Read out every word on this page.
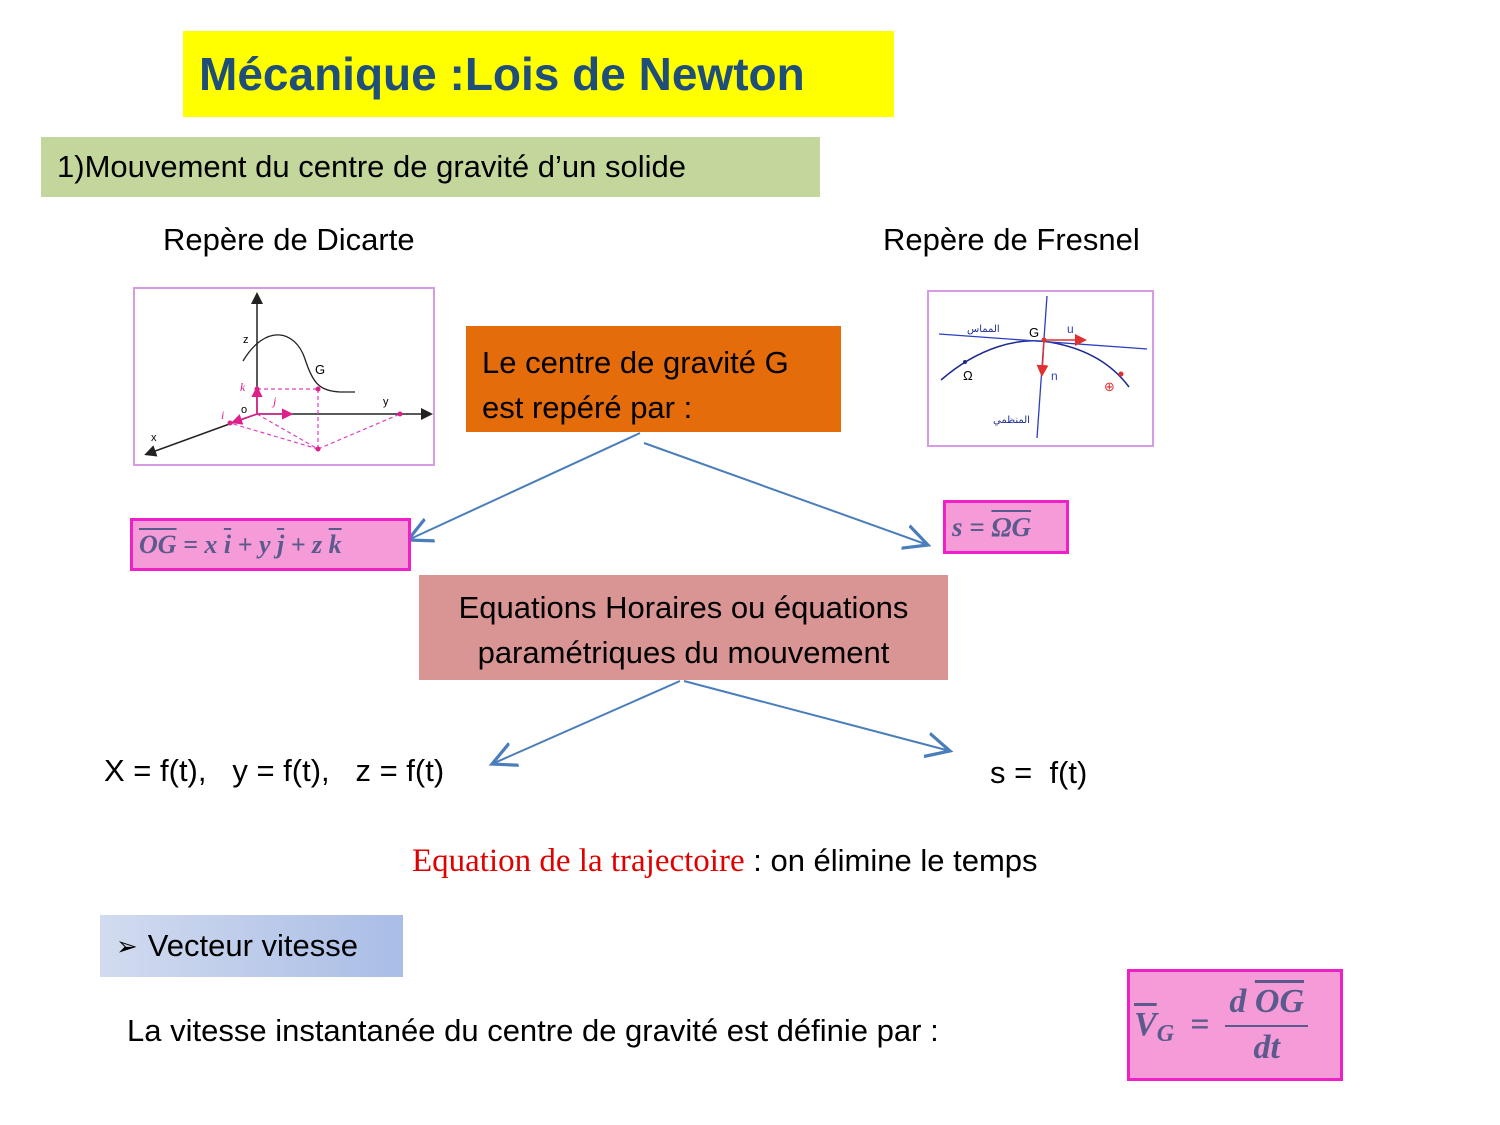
Mécanique :Lois de Newton
1)Mouvement du centre de gravité d’un solide
Repère de Dicarte	Repère de Fresnel
z
y
x
o
G
j
k
i
G
Ω
u
n
⊕
المماس
المنظمي
Le centre de gravité G
est repéré par :
$\overline{OG} = x$ $\overline{i} + y$ $\overline{j} + z$ $\overline{k}$
$s = \overline{\Omega G}$
Equations Horaires ou équations
paramétriques du mouvement
X = f(t),   y = f(t),   z = f(t)	s =  f(t)
Equation de la trajectoire : on élimine le temps
➢ Vecteur vitesse
La vitesse instantanée du centre de gravité est définie par :	$\overline{V}$ $G = \frac{d \overline{OG}}{dt}$
